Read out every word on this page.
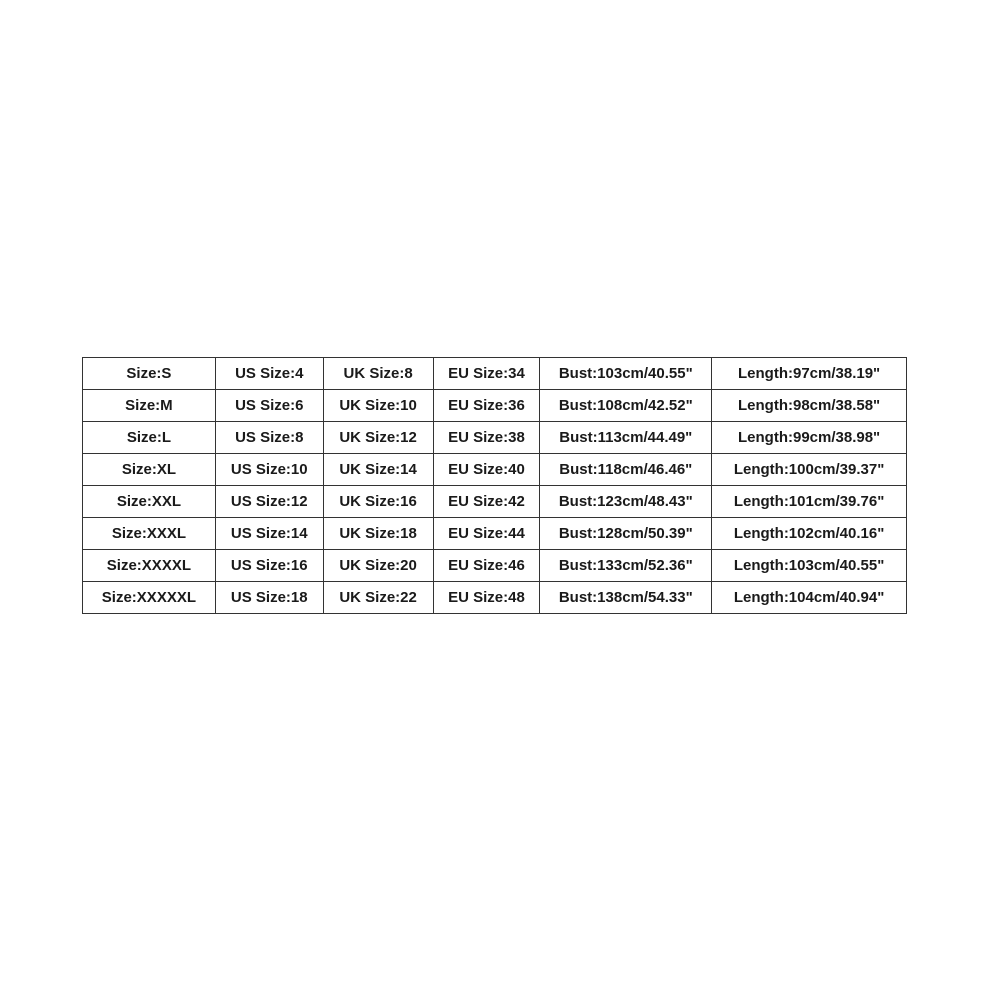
Size:S	US Size:4	UK Size:8	EU Size:34	Bust:103cm/40.55"	Length:97cm/38.19"
Size:M	US Size:6	UK Size:10	EU Size:36	Bust:108cm/42.52"	Length:98cm/38.58"
Size:L	US Size:8	UK Size:12	EU Size:38	Bust:113cm/44.49"	Length:99cm/38.98"
Size:XL	US Size:10	UK Size:14	EU Size:40	Bust:118cm/46.46"	Length:100cm/39.37"
Size:XXL	US Size:12	UK Size:16	EU Size:42	Bust:123cm/48.43"	Length:101cm/39.76"
Size:XXXL	US Size:14	UK Size:18	EU Size:44	Bust:128cm/50.39"	Length:102cm/40.16"
Size:XXXXL	US Size:16	UK Size:20	EU Size:46	Bust:133cm/52.36"	Length:103cm/40.55"
Size:XXXXXL	US Size:18	UK Size:22	EU Size:48	Bust:138cm/54.33"	Length:104cm/40.94"
